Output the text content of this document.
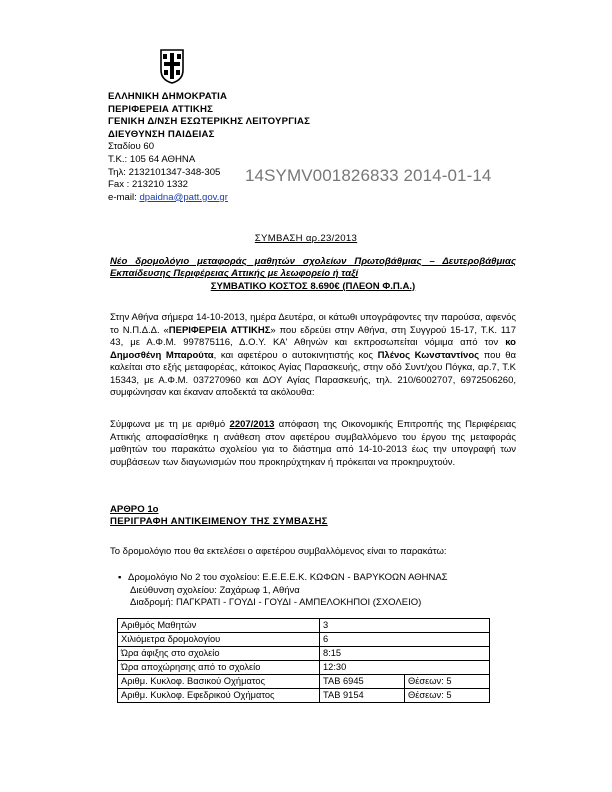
ΕΛΛΗΝΙΚΗ ΔΗΜΟΚΡΑΤΙΑ
ΠΕΡΙΦΕΡΕΙΑ ΑΤΤΙΚΗΣ
ΓΕΝΙΚΗ Δ/ΝΣΗ ΕΣΩΤΕΡΙΚΗΣ ΛΕΙΤΟΥΡΓΙΑΣ
ΔΙΕΥΘΥΝΣΗ ΠΑΙΔΕΙΑΣ
Σταδίου 60
Τ.Κ.: 105 64 ΑΘΗΝΑ
Τηλ: 2132101347-348-305
Fax : 213210 1332
e-mail: dpaidna@patt.gov.gr
14SYMV001826833 2014-01-14
ΣΥΜΒΑΣΗ αρ.23/2013
Νέο δρομολόγιο μεταφοράς μαθητών σχολείων Πρωτοβάθμιας – Δευτεροβάθμιας Εκπαίδευσης Περιφέρειας Αττικής με λεωφορείο ή ταξί
ΣΥΜΒΑΤΙΚΟ ΚΟΣΤΟΣ 8.690€ (ΠΛΕΟΝ Φ.Π.Α.)
Στην Αθήνα σήμερα 14-10-2013, ημέρα Δευτέρα, οι κάτωθι υπογράφοντες την παρούσα, αφενός το Ν.Π.Δ.Δ. «ΠΕΡΙΦΕΡΕΙΑ ΑΤΤΙΚΗΣ» που εδρεύει στην Αθήνα, στη Συγγρού 15-17, Τ.Κ. 117 43, με Α.Φ.Μ. 997875116, Δ.Ο.Υ. ΚΑ' Αθηνών και εκπροσωπείται νόμιμα από τον κο Δημοσθένη Μπαρούτα, και αφετέρου ο αυτοκινητιστής κος Πλένος Κωνσταντίνος που θα καλείται στο εξής μεταφορέας, κάτοικος Αγίας Παρασκευής, στην οδό Συντ/χου Πόγκα, αρ.7, Τ.Κ 15343, με Α.Φ.Μ. 037270960 και ΔΟΥ Αγίας Παρασκευής, τηλ. 210/6002707, 6972506260, συμφώνησαν και έκαναν αποδεκτά τα ακόλουθα:
Σύμφωνα με τη με αριθμό 2207/2013 απόφαση της Οικονομικής Επιτροπής της Περιφέρειας Αττικής αποφασίσθηκε η ανάθεση στον αφετέρου συμβαλλόμενο του έργου της μεταφοράς μαθητών του παρακάτω σχολείου για το διάστημα από 14-10-2013 έως την υπογραφή των συμβάσεων των διαγωνισμών που προκηρύχτηκαν ή πρόκειται να προκηρυχτούν.
ΑΡΘΡΟ 1ο
ΠΕΡΙΓΡΑΦΗ ΑΝΤΙΚΕΙΜΕΝΟΥ ΤΗΣ ΣΥΜΒΑΣΗΣ
Το δρομολόγιο που θα εκτελέσει ο αφετέρου συμβαλλόμενος είναι το παρακάτω:
▪ Δρομολόγιο Νο 2 του σχολείου: Ε.Ε.Ε.Ε.Κ. ΚΩΦΩΝ - ΒΑΡΥΚΟΩΝ ΑΘΗΝΑΣ
Διεύθυνση σχολείου: Ζαχάρωφ 1, Αθήνα
Διαδρομή: ΠΑΓΚΡΑΤΙ - ΓΟΥΔΙ - ΓΟΥΔΙ - ΑΜΠΕΛΟΚΗΠΟΙ (ΣΧΟΛΕΙΟ)
Αριθμός Μαθητών	3	
Χιλιόμετρα δρομολογίου	6	
Ώρα άφιξης στο σχολείο	8:15	
Ώρα αποχώρησης από το σχολείο	12:30	
Αριθμ. Κυκλοφ. Βασικού Οχήματος	ΤΑΒ 6945	Θέσεων: 5
Αριθμ. Κυκλοφ. Εφεδρικού Οχήματος	ΤΑΒ 9154	Θέσεων: 5
